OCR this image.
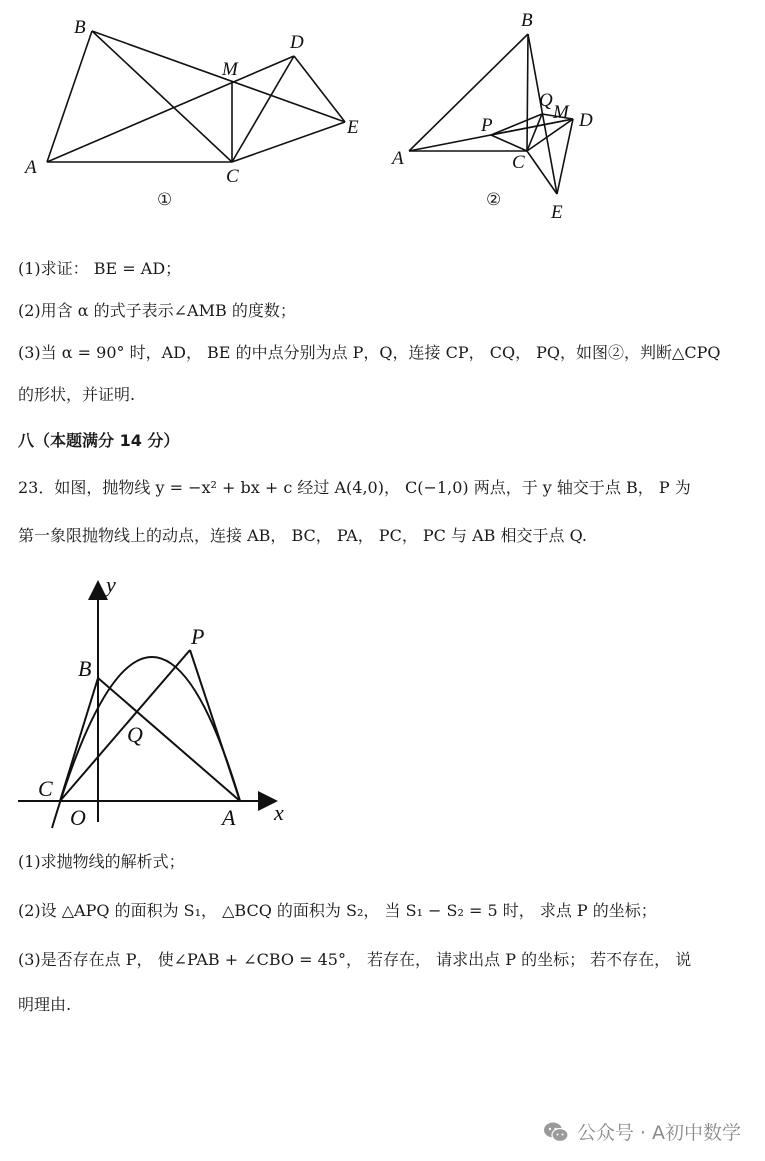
B
A	C
M
D
E
①
B
A
P
Q
M D
C
E
②
(1)求证： BE = AD；
(2)用含 α 的式子表示∠AMB 的度数；
(3)当 α = 90° 时，AD， BE 的中点分别为点 P，Q，连接 CP， CQ， PQ，如图②，判断△CPQ
的形状，并证明.
八（本题满分 14 分）
23．如图，抛物线 y = −x² + bx + c 经过 A(4,0)， C(−1,0) 两点，于 y 轴交于点 B， P 为
第一象限抛物线上的动点，连接 AB， BC， PA， PC， PC 与 AB 相交于点 Q.
y
x
B
P
Q
C
O	A
(1)求抛物线的解析式；
(2)设 △APQ 的面积为 S₁， △BCQ 的面积为 S₂， 当 S₁ − S₂ = 5 时， 求点 P 的坐标；
(3)是否存在点 P， 使∠PAB + ∠CBO = 45°， 若存在， 请求出点 P 的坐标； 若不存在， 说
明理由.
公众号 · A初中数学
